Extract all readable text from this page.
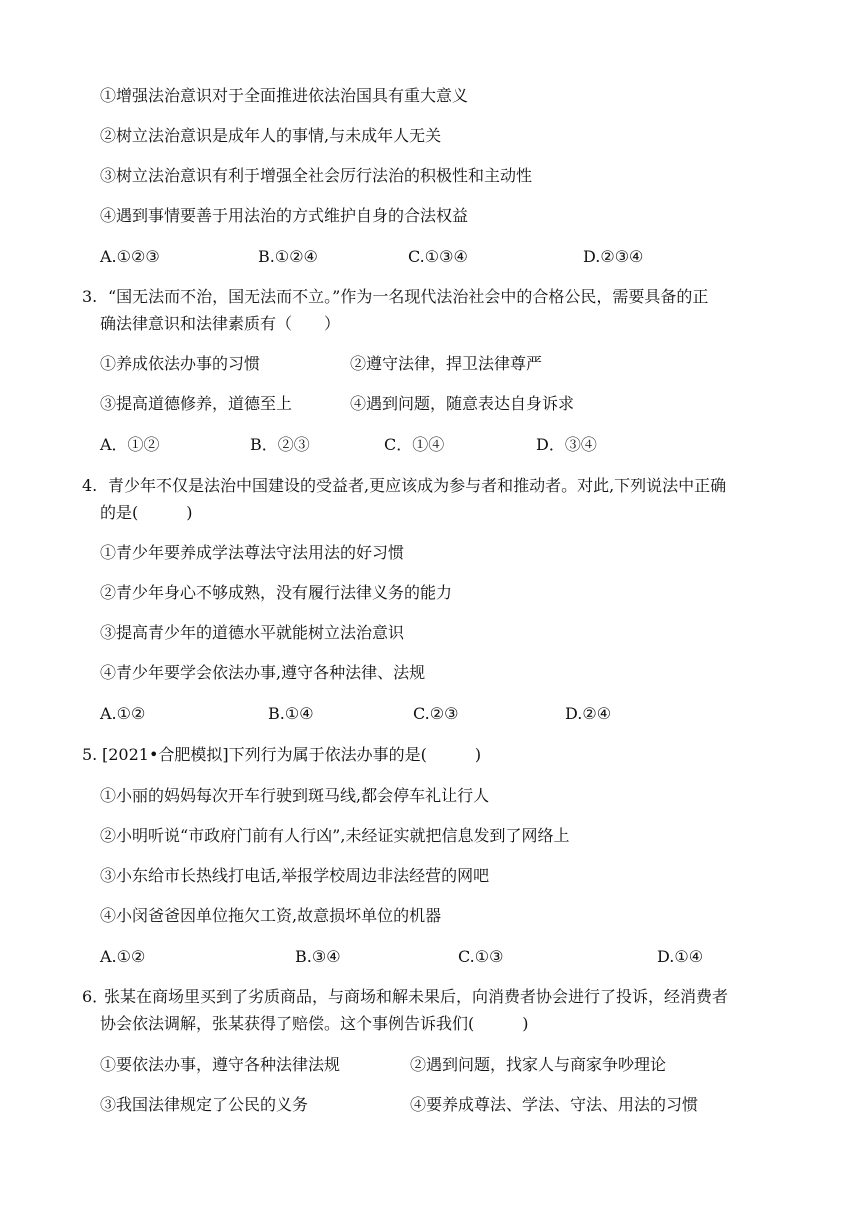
①增强法治意识对于全面推进依法治国具有重大意义
②树立法治意识是成年人的事情,与未成年人无关
③树立法治意识有利于增强全社会厉行法治的积极性和主动性
④遇到事情要善于用法治的方式维护自身的合法权益
A.①②③	B.①②④	C.①③④	D.②③④
3. “国无法而不治，国无法而不立。”作为一名现代法治社会中的合格公民，需要具备的正
确法律意识和法律素质有（　　）
①养成依法办事的习惯	②遵守法律，捍卫法律尊严
③提高道德修养，道德至上	④遇到问题，随意表达自身诉求
A．①②	B．②③	C．①④	D．③④
4. 青少年不仅是法治中国建设的受益者,更应该成为参与者和推动者。对此,下列说法中正确
的是(　　　)
①青少年要养成学法尊法守法用法的好习惯
②青少年身心不够成熟，没有履行法律义务的能力
③提高青少年的道德水平就能树立法治意识
④青少年要学会依法办事,遵守各种法律、法规
A.①②	B.①④	C.②③	D.②④
5. [2021•合肥模拟]下列行为属于依法办事的是(　　　)
①小丽的妈妈每次开车行驶到斑马线,都会停车礼让行人
②小明听说“市政府门前有人行凶”,未经证实就把信息发到了网络上
③小东给市长热线打电话,举报学校周边非法经营的网吧
④小闵爸爸因单位拖欠工资,故意损坏单位的机器
A.①②	B.③④	C.①③	D.①④
6．
张某在商场里买到了劣质商品，与商场和解未果后，向消费者协会进行了投诉，经消费者
协会依法调解，张某获得了赔偿。这个事例告诉我们(　　　)
①要依法办事，遵守各种法律法规	②遇到问题，找家人与商家争吵理论
③我国法律规定了公民的义务	④要养成尊法、学法、守法、用法的习惯
